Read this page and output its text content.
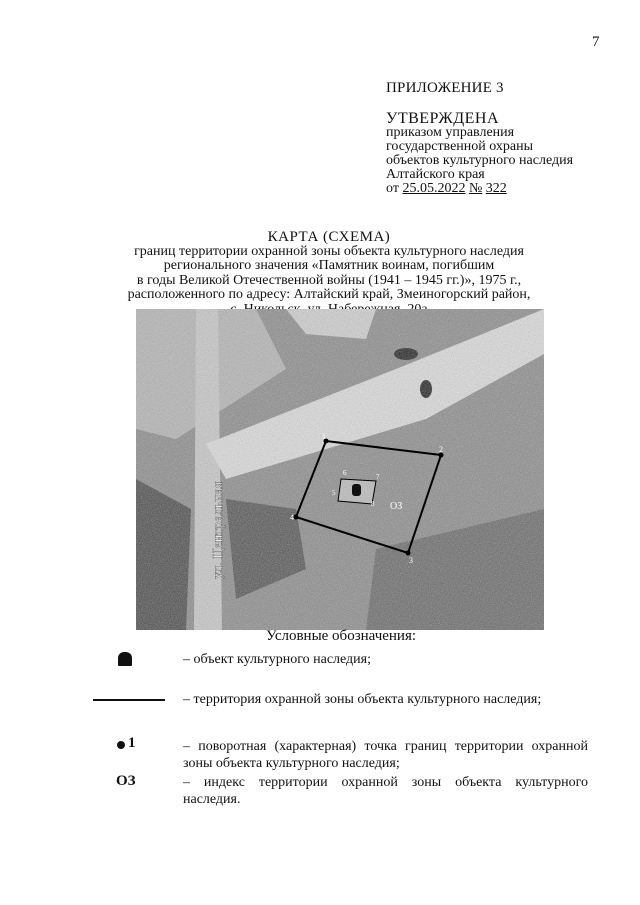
7
ПРИЛОЖЕНИЕ 3
УТВЕРЖДЕНА
приказом управления
государственной охраны
объектов культурного наследия
Алтайского края
от 25.05.2022 № 322
КАРТА (СХЕМА)
границ территории охранной зоны объекта культурного наследия
регионального значения «Памятник воинам, погибшим
в годы Великой Отечественной войны (1941 – 1945 гг.)», 1975 г.,
расположенного по адресу: Алтайский край, Змеиногорский район,
1
2
3
4
5
6	7
8 ОЗ
ул. Центральная
Условные обозначения:
– объект культурного наследия;
– территория охранной зоны объекта культурного наследия;
1	– поворотная (характерная) точка границ территории охранной зоны объекта культурного наследия;
ОЗ	– индекс территории охранной зоны объекта культурного наследия.
